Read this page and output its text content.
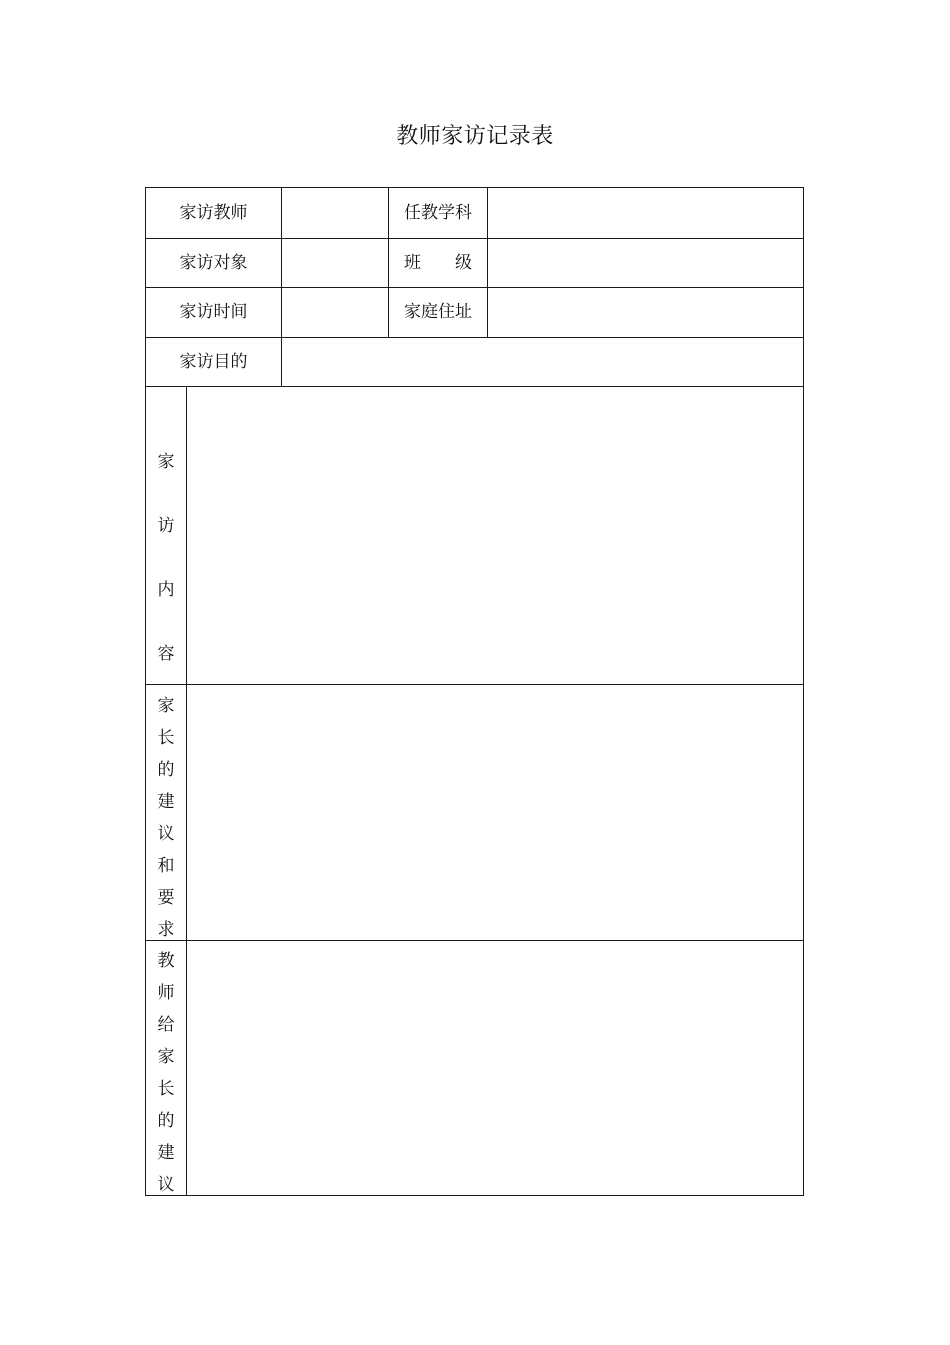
教师家访记录表
家访教师	任教学科
家访对象	班　　级
家访时间	家庭住址
家访目的
家
访
内
容
家
长
的
建
议
和
要
求
教
师
给
家
长
的
建
议
